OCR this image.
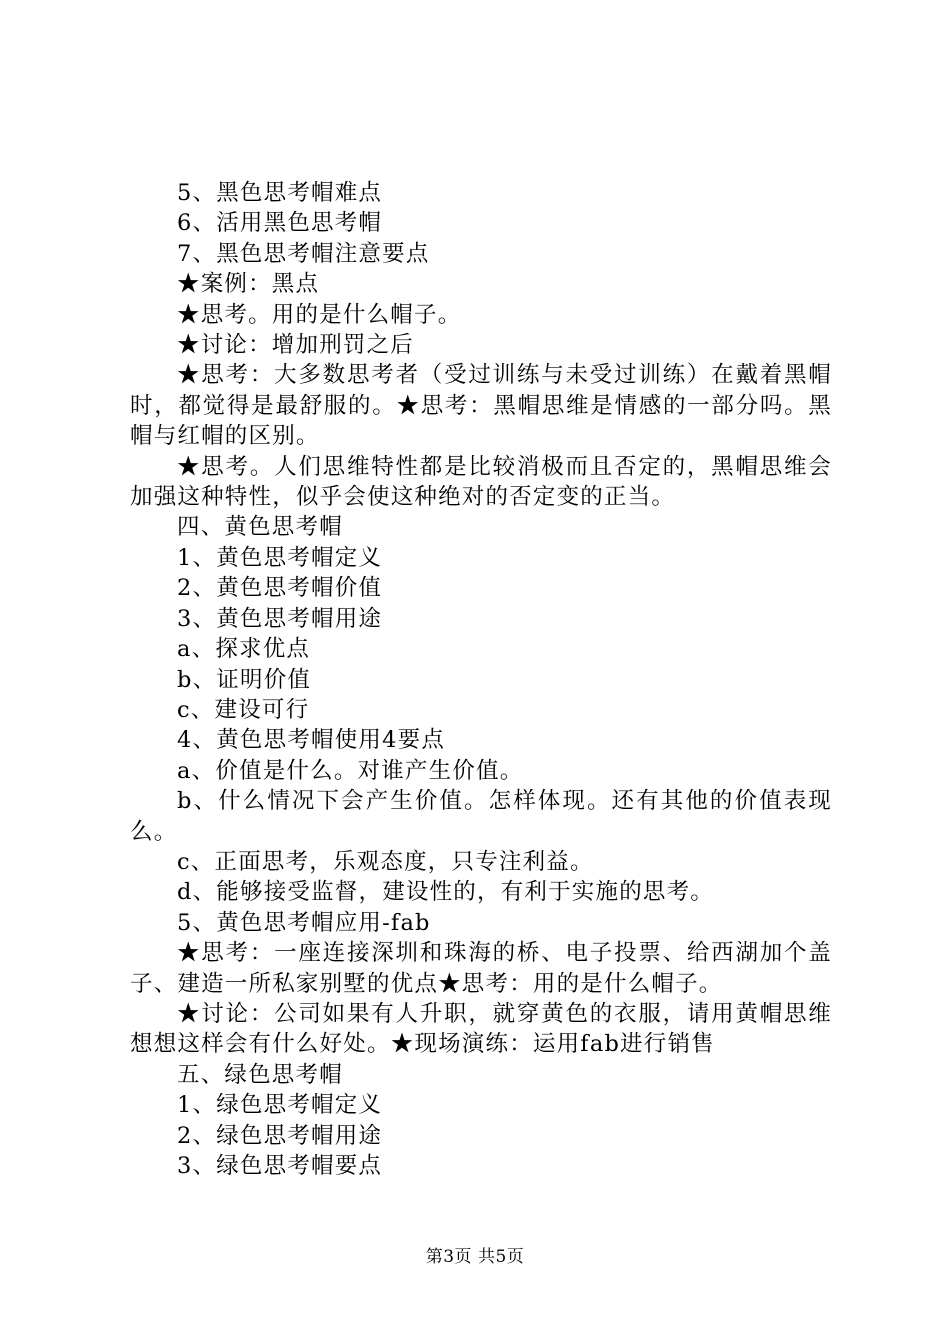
5、黑色思考帽难点

6、活用黑色思考帽

7、黑色思考帽注意要点

★案例：黑点

★思考。用的是什么帽子。

★讨论：增加刑罚之后

★思考：大多数思考者（受过训练与未受过训练）在戴着黑帽时，都觉得是最舒服的。★思考：黑帽思维是情感的一部分吗。黑帽与红帽的区别。

★思考。人们思维特性都是比较消极而且否定的，黑帽思维会加强这种特性，似乎会使这种绝对的否定变的正当。

四、黄色思考帽

1、黄色思考帽定义

2、黄色思考帽价值

3、黄色思考帽用途

a、探求优点

b、证明价值

c、建设可行

4、黄色思考帽使用4要点

a、价值是什么。对谁产生价值。

b、什么情况下会产生价值。怎样体现。还有其他的价值表现么。

c、正面思考，乐观态度，只专注利益。

d、能够接受监督，建设性的，有利于实施的思考。

5、黄色思考帽应用-fab

★思考：一座连接深圳和珠海的桥、电子投票、给西湖加个盖子、建造一所私家别墅的优点★思考：用的是什么帽子。

★讨论：公司如果有人升职，就穿黄色的衣服，请用黄帽思维想想这样会有什么好处。★现场演练：运用fab进行销售

五、绿色思考帽

1、绿色思考帽定义

2、绿色思考帽用途

3、绿色思考帽要点

第3页 共5页
